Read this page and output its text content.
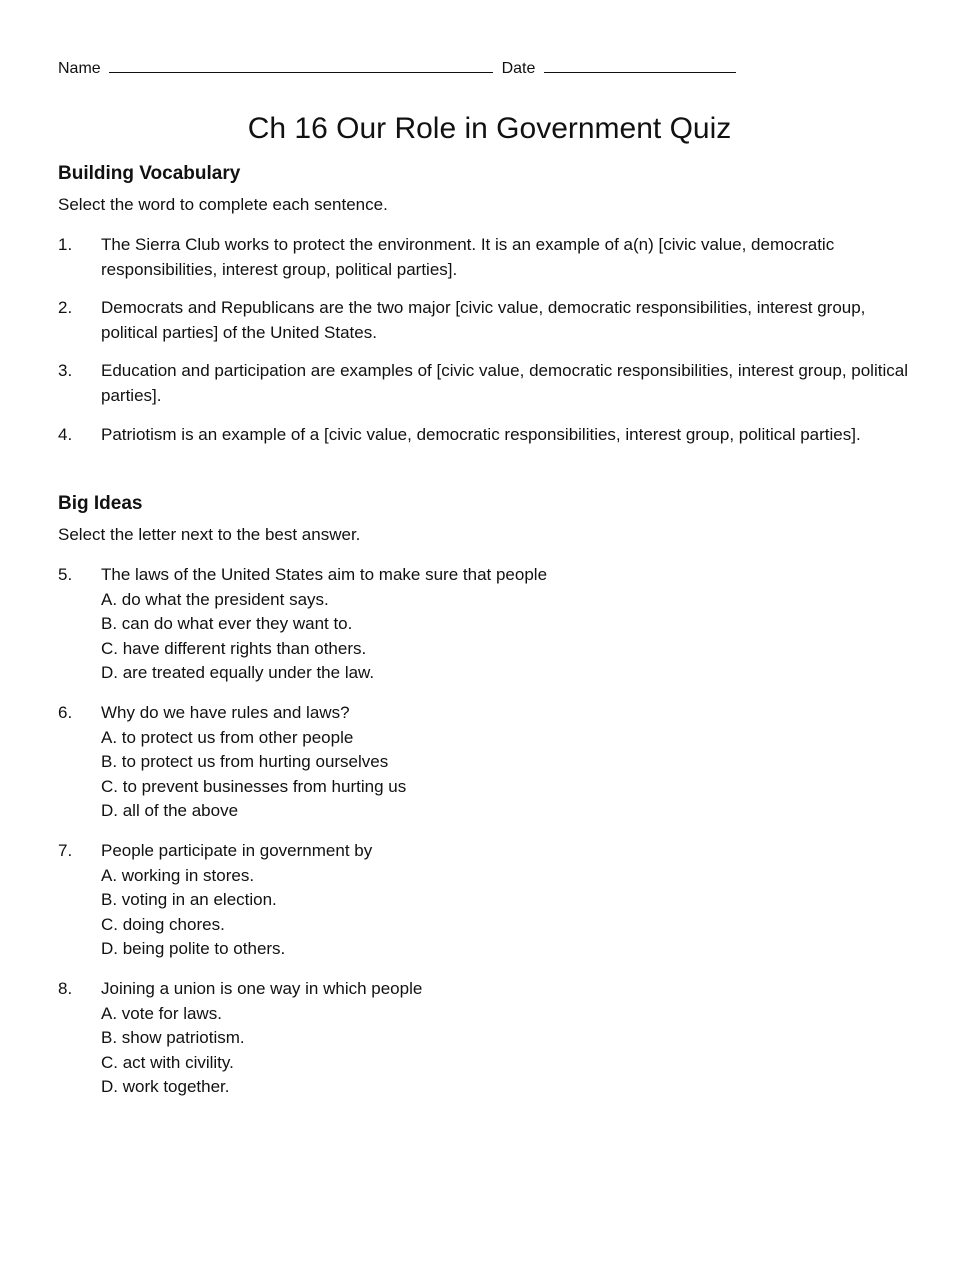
Name	Date
Ch 16 Our Role in Government Quiz
Building Vocabulary

Select the word to complete each sentence.

1.	The Sierra Club works to protect the environment. It is an example of a(n) [civic value, democratic responsibilities, interest group, political parties].
2.	Democrats and Republicans are the two major [civic value, democratic responsibilities, interest group, political parties] of the United States.
3.	Education and participation are examples of [civic value, democratic responsibilities, interest group, political parties].
4.	Patriotism is an example of a [civic value, democratic responsibilities, interest group, political parties].
Big Ideas

Select the letter next to the best answer.

5.	The laws of the United States aim to make sure that people
A. do what the president says.
B. can do what ever they want to.
C. have different rights than others.
D. are treated equally under the law.
6.	Why do we have rules and laws?
A. to protect us from other people
B. to protect us from hurting ourselves
C. to prevent businesses from hurting us
D. all of the above
7.	People participate in government by
A. working in stores.
B. voting in an election.
C. doing chores.
D. being polite to others.
8.	Joining a union is one way in which people
A. vote for laws.
B. show patriotism.
C. act with civility.
D. work together.
